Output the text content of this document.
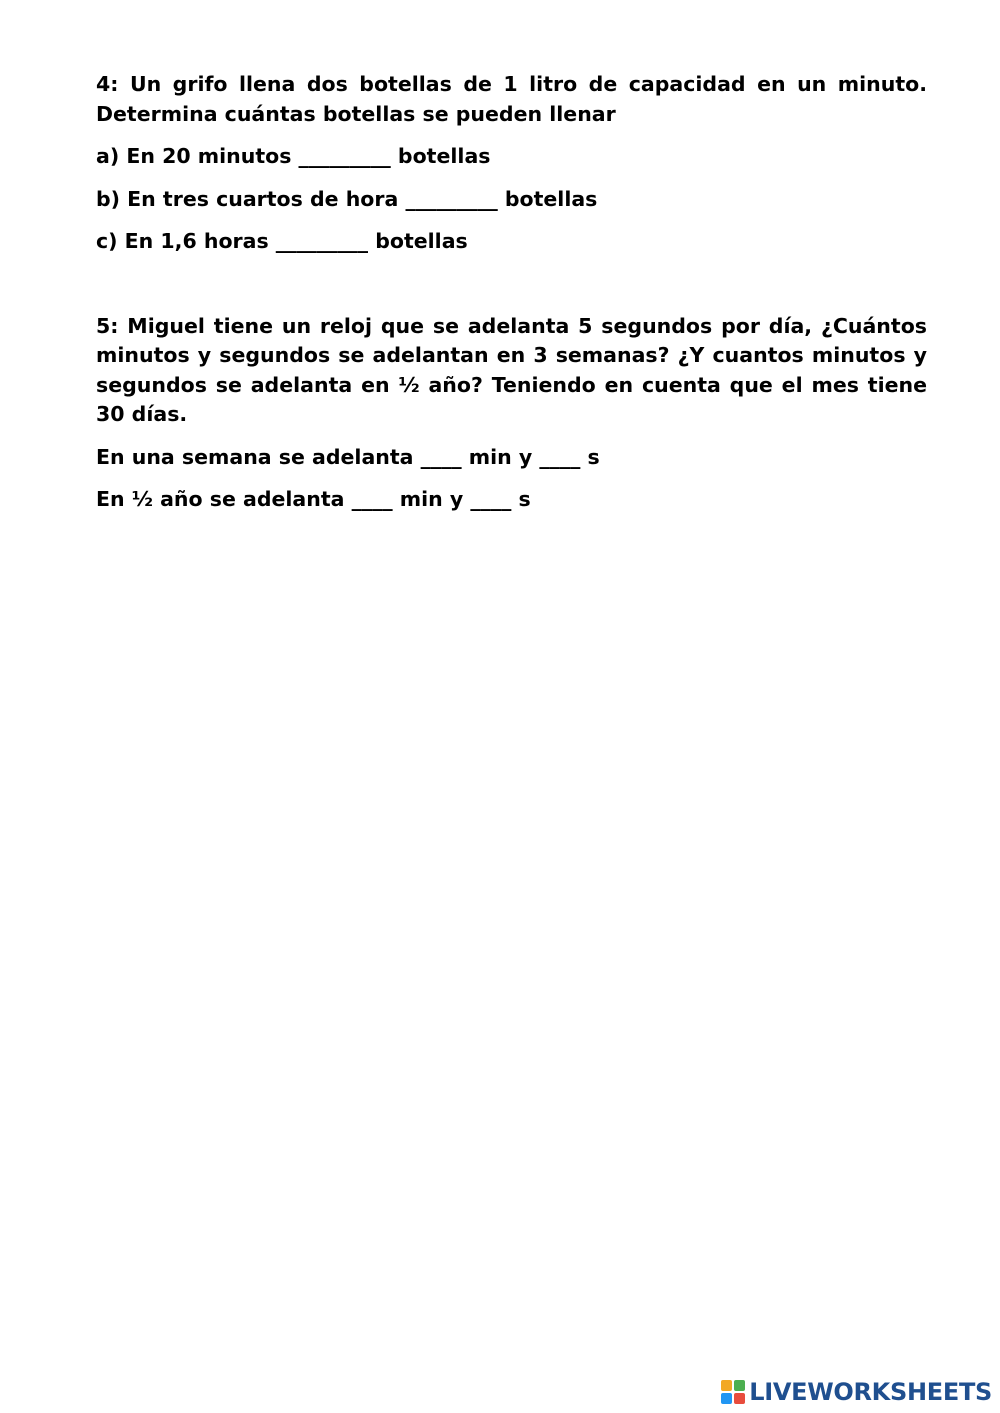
4: Un grifo llena dos botellas de 1 litro de capacidad en un minuto. Determina cuántas botellas se pueden llenar

a) En 20 minutos _________ botellas

b) En tres cuartos de hora _________ botellas

c) En 1,6 horas _________ botellas

5: Miguel tiene un reloj que se adelanta 5 segundos por día, ¿Cuántos minutos y segundos se adelantan en 3 semanas? ¿Y cuantos minutos y segundos se adelanta en ½ año? Teniendo en cuenta que el mes tiene 30 días.

En una semana se adelanta ____ min y ____ s

En ½ año se adelanta ____ min y ____ s

LIVEWORKSHEETS
